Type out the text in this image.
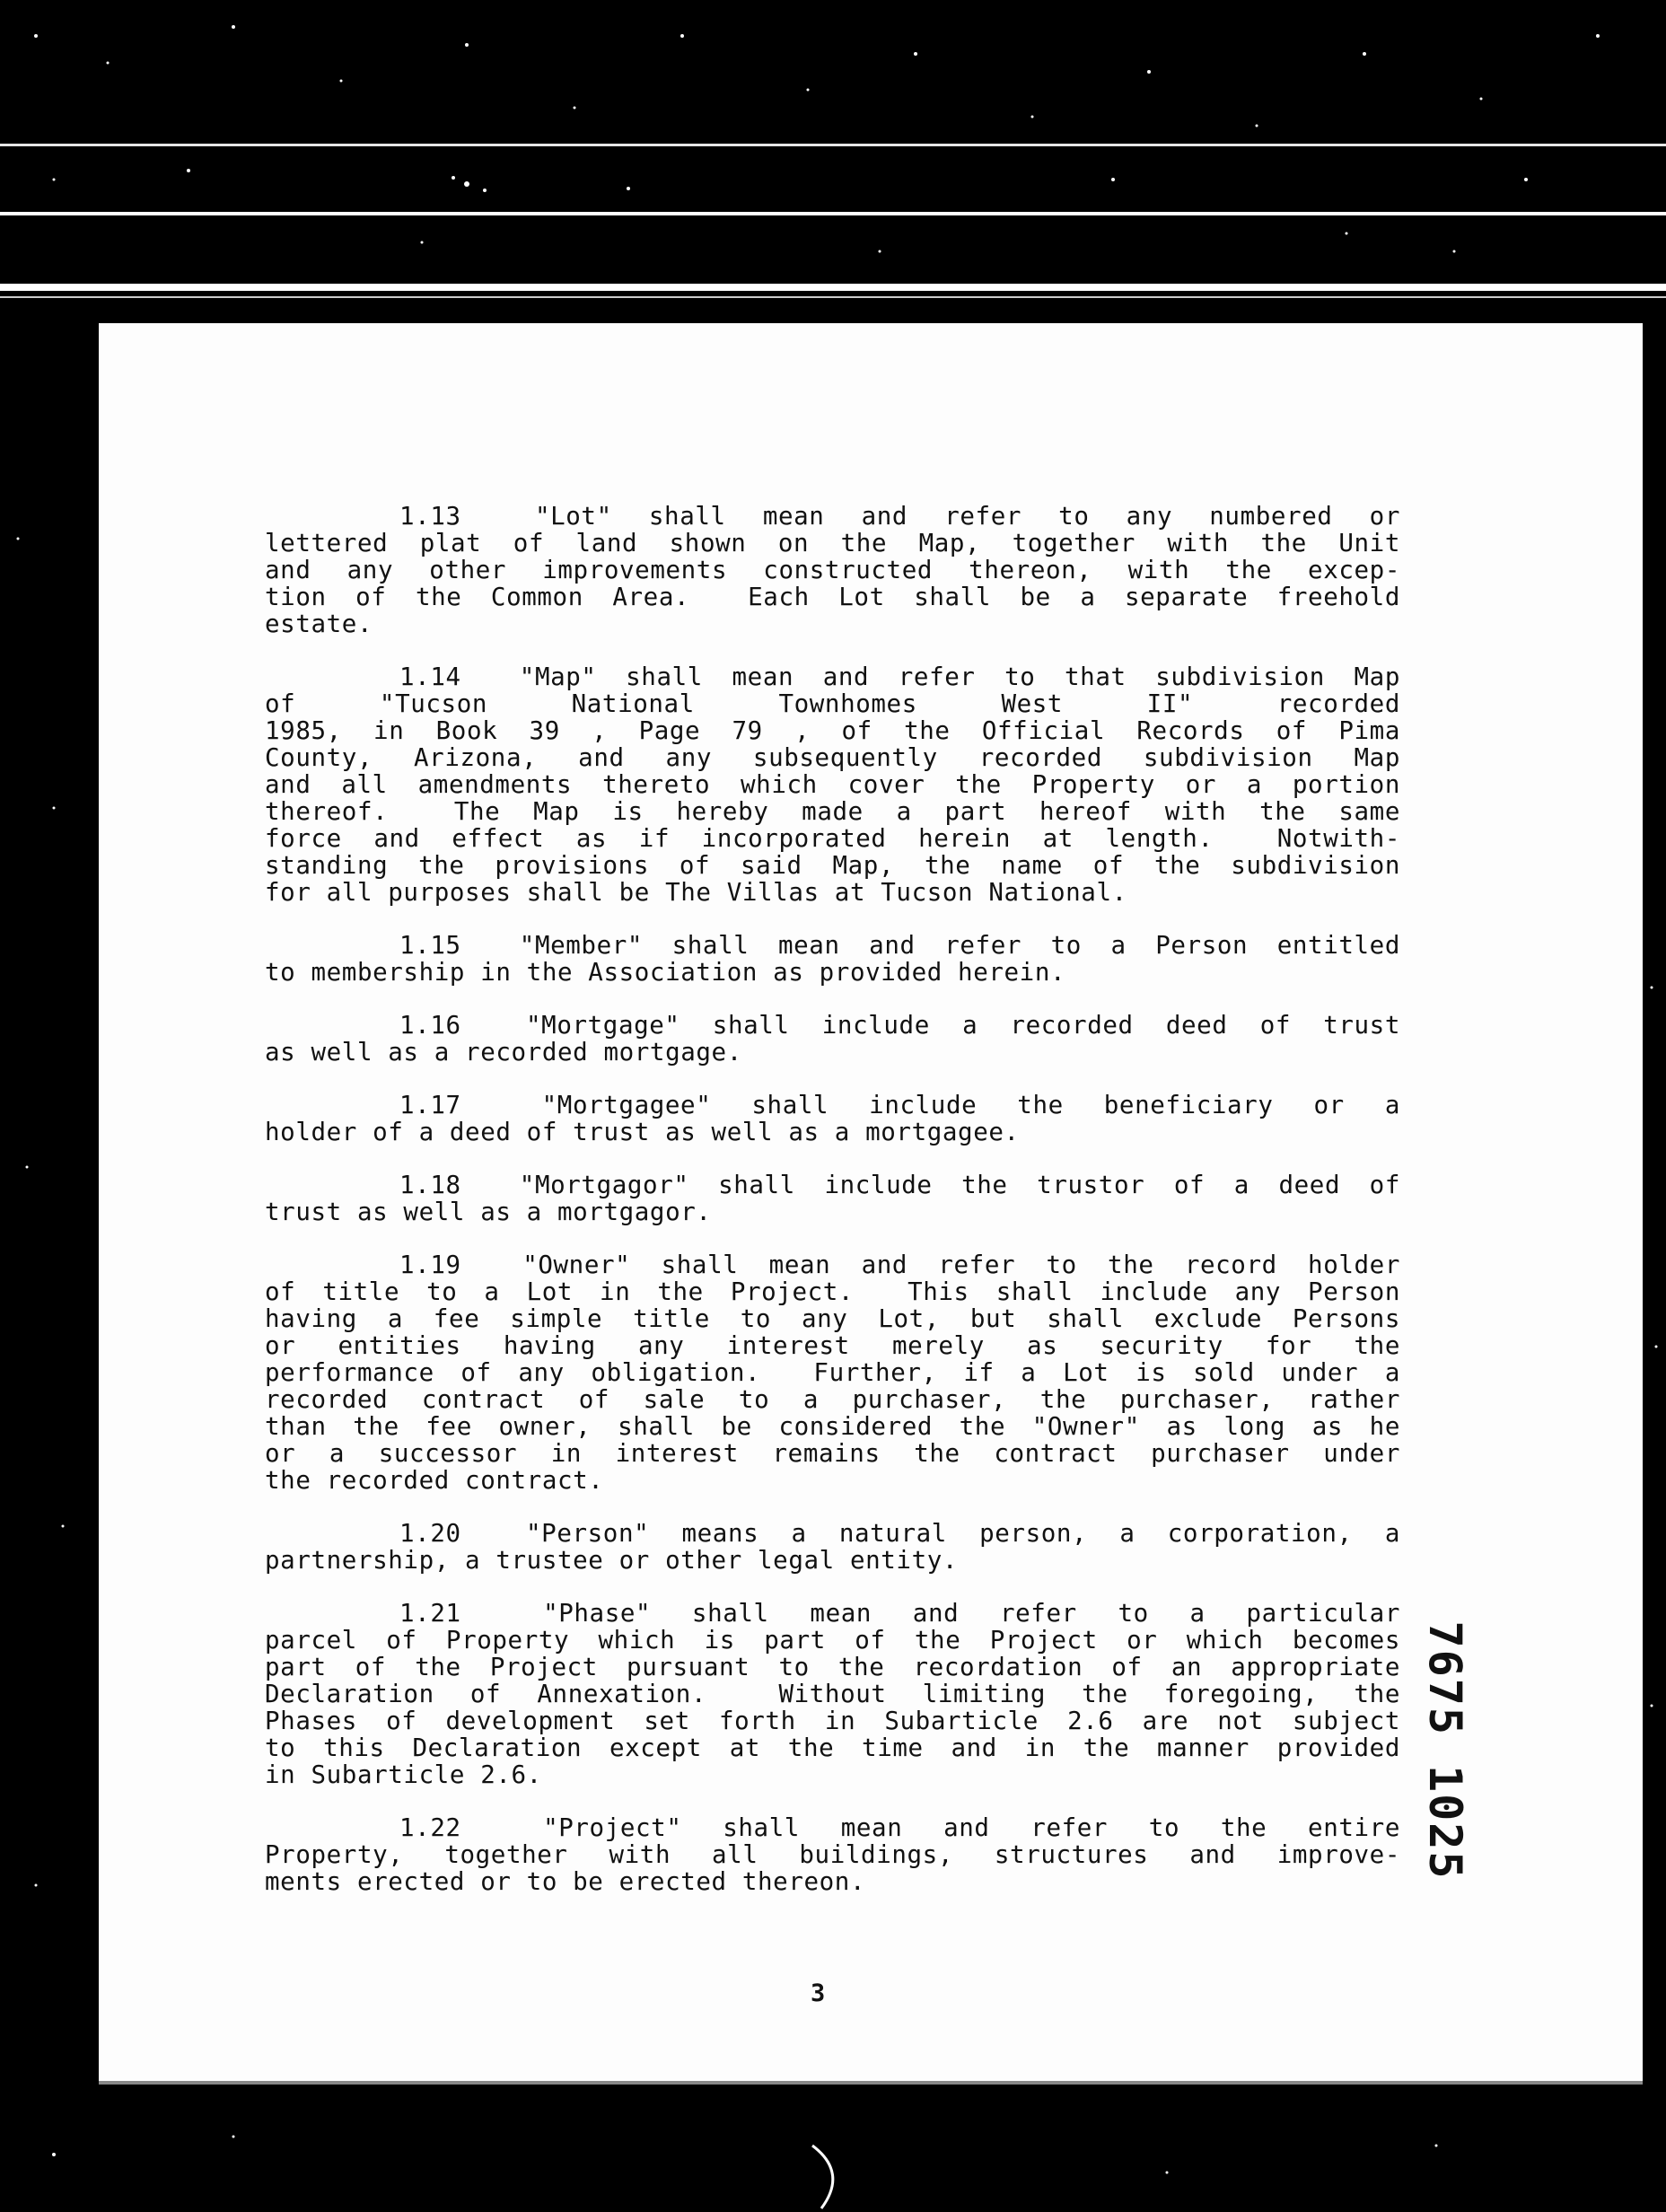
1.13  "Lot" shall mean and refer to any numbered or
lettered plat of land shown on the Map, together with the Unit
and any other improvements constructed thereon, with the excep-
tion of the Common Area.  Each Lot shall be a separate freehold
estate.
1.14  "Map" shall mean and refer to that subdivision Map
of "Tucson National Townhomes West II" recorded
1985, in Book 39 , Page 79 , of the Official Records of Pima
County, Arizona, and any subsequently recorded subdivision Map
and all amendments thereto which cover the Property or a portion
thereof.  The Map is hereby made a part hereof with the same
force and effect as if incorporated herein at length.  Notwith-
standing the provisions of said Map, the name of the subdivision
for all purposes shall be The Villas at Tucson National.
1.15  "Member" shall mean and refer to a Person entitled
to membership in the Association as provided herein.
1.16  "Mortgage" shall include a recorded deed of trust
as well as a recorded mortgage.
1.17  "Mortgagee" shall include the beneficiary or a
holder of a deed of trust as well as a mortgagee.
1.18  "Mortgagor" shall include the trustor of a deed of
trust as well as a mortgagor.
1.19  "Owner" shall mean and refer to the record holder
of title to a Lot in the Project.  This shall include any Person
having a fee simple title to any Lot, but shall exclude Persons
or entities having any interest merely as security for the
performance of any obligation.  Further, if a Lot is sold under a
recorded contract of sale to a purchaser, the purchaser, rather
than the fee owner, shall be considered the "Owner" as long as he
or a successor in interest remains the contract purchaser under
the recorded contract.
1.20  "Person" means a natural person, a corporation, a
partnership, a trustee or other legal entity.
1.21  "Phase" shall mean and refer to a particular
parcel of Property which is part of the Project or which becomes
part of the Project pursuant to the recordation of an appropriate
Declaration of Annexation.  Without limiting the foregoing, the
Phases of development set forth in Subarticle 2.6 are not subject
to this Declaration except at the time and in the manner provided
in Subarticle 2.6.
1.22  "Project" shall mean and refer to the entire
Property, together with all buildings, structures and improve-
ments erected or to be erected thereon.
3
7675 1025
